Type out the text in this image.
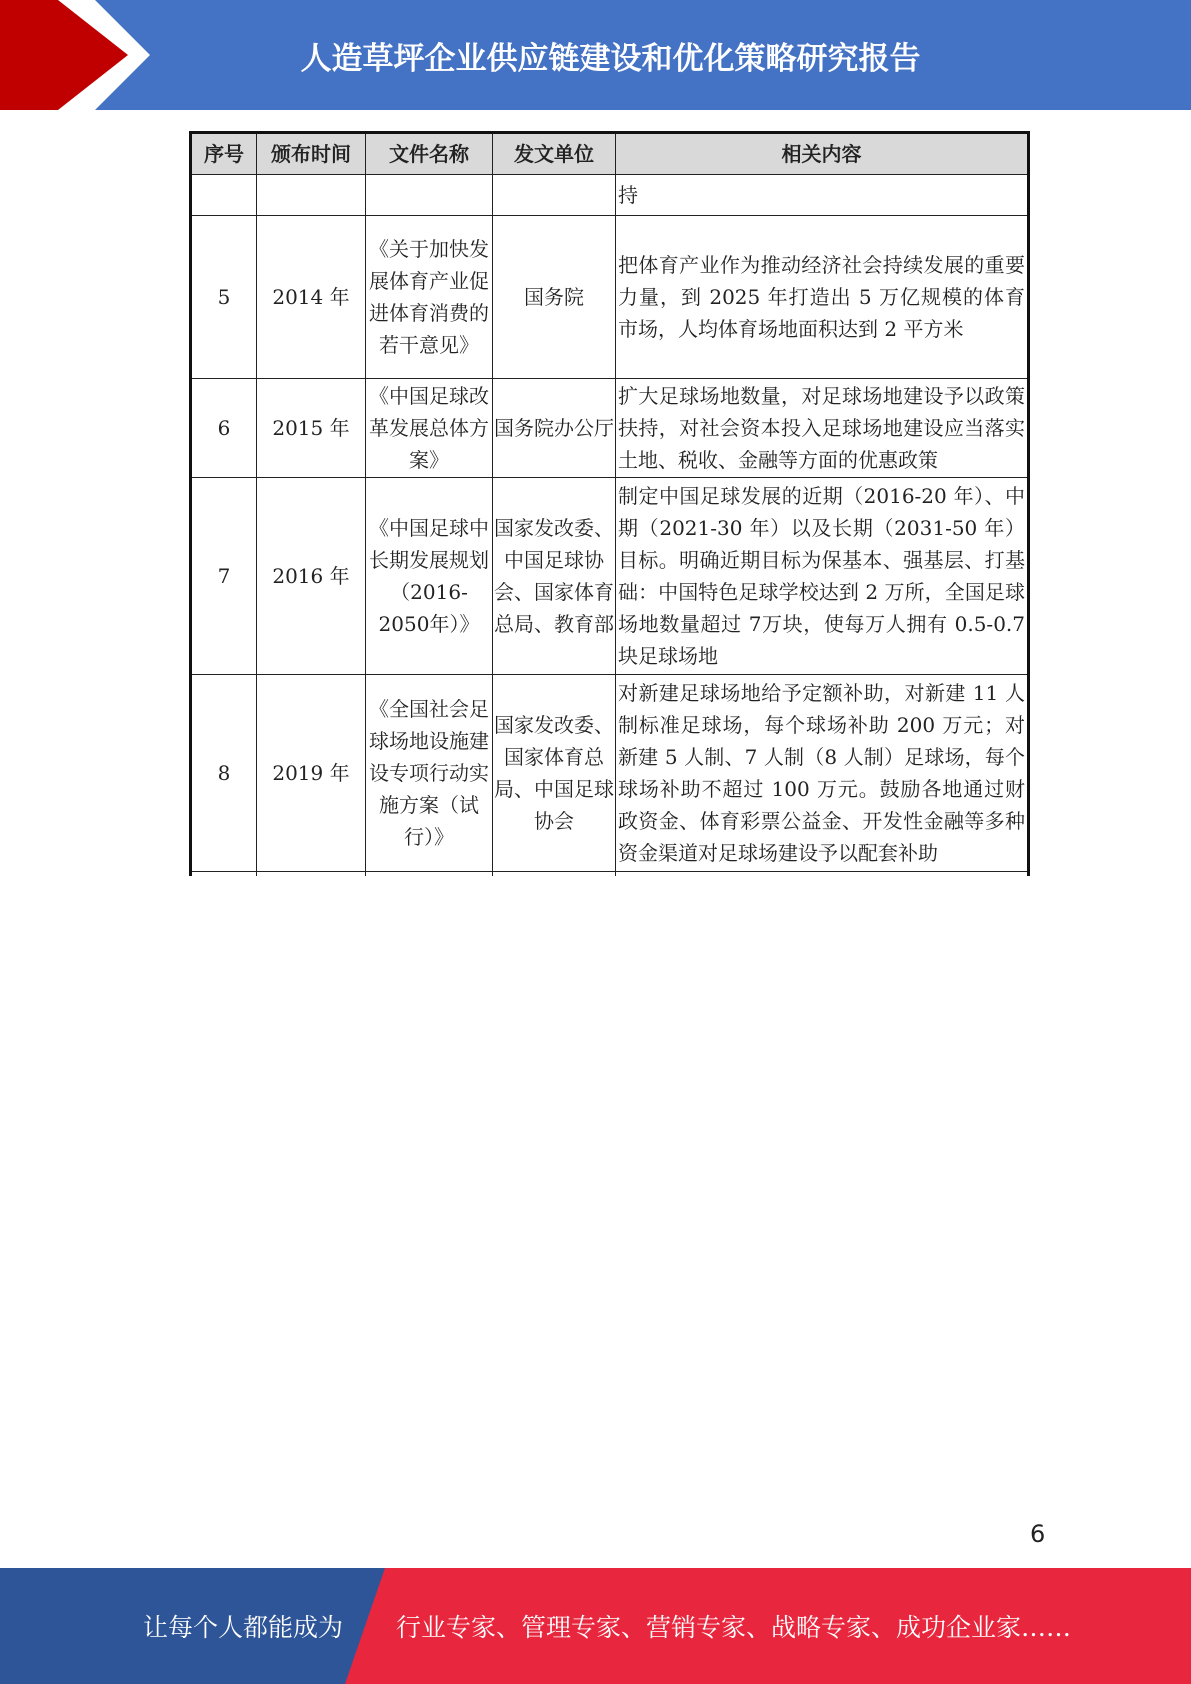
人造草坪企业供应链建设和优化策略研究报告
序号	颁布时间	文件名称	发文单位	相关内容
				持
5	2014 年	《关于加快发展体育产业促进体育消费的若干意见》	国务院	把体育产业作为推动经济社会持续发展的重要力量，到 2025 年打造出 5 万亿规模的体育市场，人均体育场地面积达到 2 平方米
6	2015 年	《中国足球改革发展总体方案》	国务院办公厅	扩大足球场地数量，对足球场地建设予以政策扶持，对社会资本投入足球场地建设应当落实土地、税收、金融等方面的优惠政策
7	2016 年	《中国足球中长期发展规划（2016-2050年）》	国家发改委、中国足球协会、国家体育总局、教育部	制定中国足球发展的近期（2016-20 年）、中期（2021-30 年）以及长期（2031-50 年）目标。明确近期目标为保基本、强基层、打基础：中国特色足球学校达到 2 万所，全国足球场地数量超过 7万块，使每万人拥有 0.5-0.7 块足球场地
8	2019 年	《全国社会足球场地设施建设专项行动实施方案（试行）》	国家发改委、国家体育总局、中国足球协会	对新建足球场地给予定额补助，对新建 11 人制标准足球场，每个球场补助 200 万元；对新建 5 人制、7 人制（8 人制）足球场，每个球场补助不超过 100 万元。鼓励各地通过财政资金、体育彩票公益金、开发性金融等多种资金渠道对足球场建设予以配套补助

6
让每个人都能成为 行业专家、管理专家、营销专家、战略专家、成功企业家……
